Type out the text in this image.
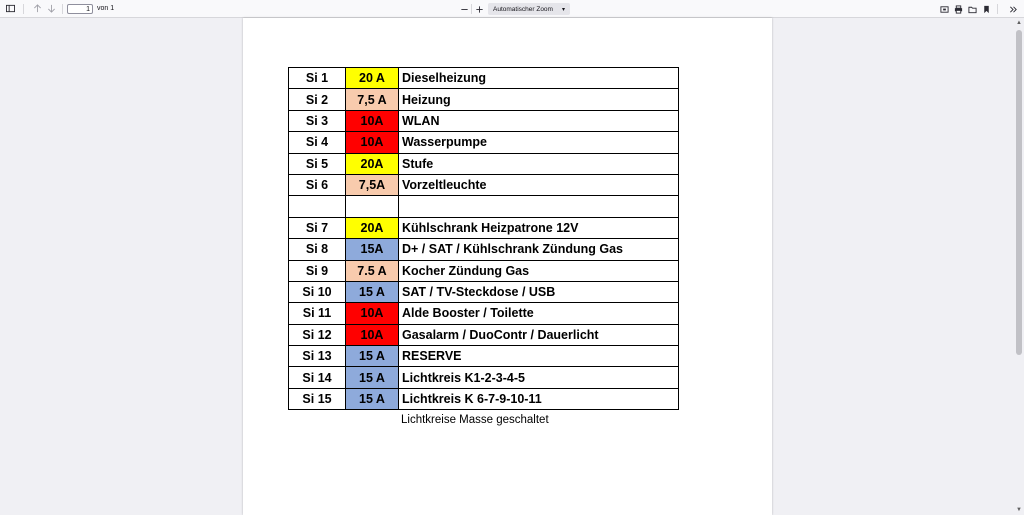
1	von 1	Automatischer Zoom ▾
Si 1	20 A	Dieselheizung
Si 2	7,5 A	Heizung
Si 3	10A	WLAN
Si 4	10A	Wasserpumpe
Si 5	20A	Stufe
Si 6	7,5A	Vorzeltleuchte

Si 7	20A	Kühlschrank Heizpatrone 12V
Si 8	15A	D+ / SAT / Kühlschrank Zündung Gas
Si 9	7.5 A	Kocher Zündung Gas
Si 10	15 A	SAT / TV-Steckdose / USB
Si 11	10A	Alde Booster / Toilette
Si 12	10A	Gasalarm / DuoContr / Dauerlicht
Si 13	15 A	RESERVE
Si 14	15 A	Lichtkreis K1-2-3-4-5
Si 15	15 A	Lichtkreis K 6-7-9-10-11
Lichtkreise Masse geschaltet
▲
▼
